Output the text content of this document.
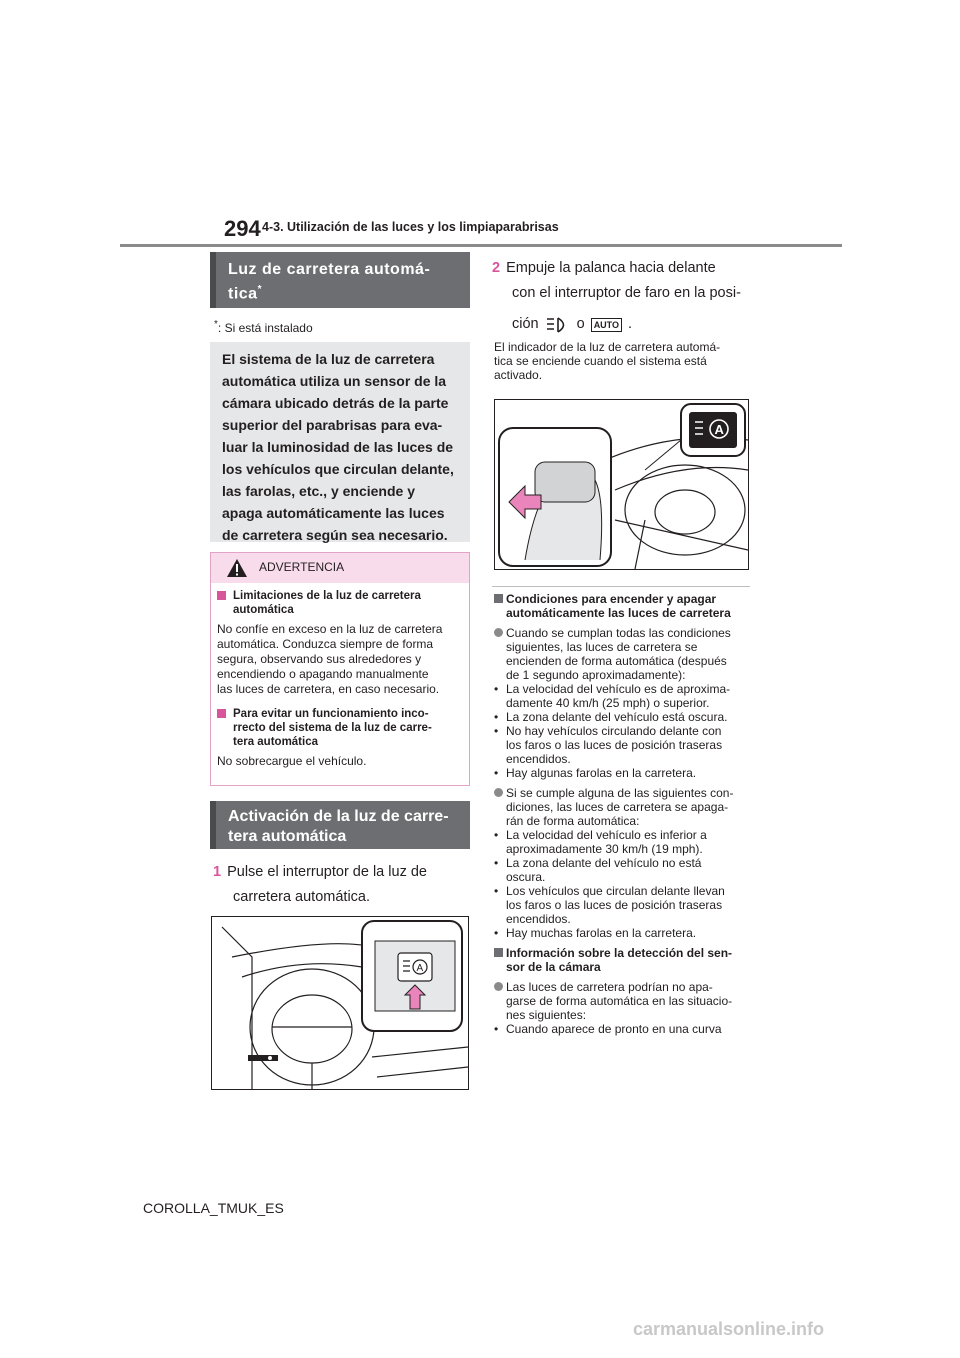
294 4-3. Utilización de las luces y los limpiaparabrisas
Luz de carretera automá-
tica*
*: Si está instalado
El sistema de la luz de carretera
automática utiliza un sensor de la
cámara ubicado detrás de la parte
superior del parabrisas para eva-
luar la luminosidad de las luces de
los vehículos que circulan delante,
las farolas, etc., y enciende y
apaga automáticamente las luces
de carretera según sea necesario.
ADVERTENCIA
Limitaciones de la luz de carretera
automática
No confíe en exceso en la luz de carretera
automática. Conduzca siempre de forma
segura, observando sus alrededores y
encendiendo o apagando manualmente
las luces de carretera, en caso necesario.
Para evitar un funcionamiento inco-
rrecto del sistema de la luz de carre-
tera automática
No sobrecargue el vehículo.
Activación de la luz de carre-
tera automática
1 Pulse el interruptor de la luz de
carretera automática.
A
2 Empuje la palanca hacia delante
con el interruptor de faro en la posi-
ción	o	AUTO .
El indicador de la luz de carretera automá-
tica se enciende cuando el sistema está
activado.
A
Condiciones para encender y apagar
automáticamente las luces de carretera
Cuando se cumplan todas las condiciones
siguientes, las luces de carretera se
encienden de forma automática (después
de 1 segundo aproximadamente):
• La velocidad del vehículo es de aproxima-
damente 40 km/h (25 mph) o superior.
• La zona delante del vehículo está oscura.
• No hay vehículos circulando delante con
los faros o las luces de posición traseras
encendidos.
• Hay algunas farolas en la carretera.
Si se cumple alguna de las siguientes con-
diciones, las luces de carretera se apaga-
rán de forma automática:
• La velocidad del vehículo es inferior a
aproximadamente 30 km/h (19 mph).
• La zona delante del vehículo no está
oscura.
• Los vehículos que circulan delante llevan
los faros o las luces de posición traseras
encendidos.
• Hay muchas farolas en la carretera.
Información sobre la detección del sen-
sor de la cámara
Las luces de carretera podrían no apa-
garse de forma automática en las situacio-
nes siguientes:
• Cuando aparece de pronto en una curva
COROLLA_TMUK_ES
carmanualsonline.info
